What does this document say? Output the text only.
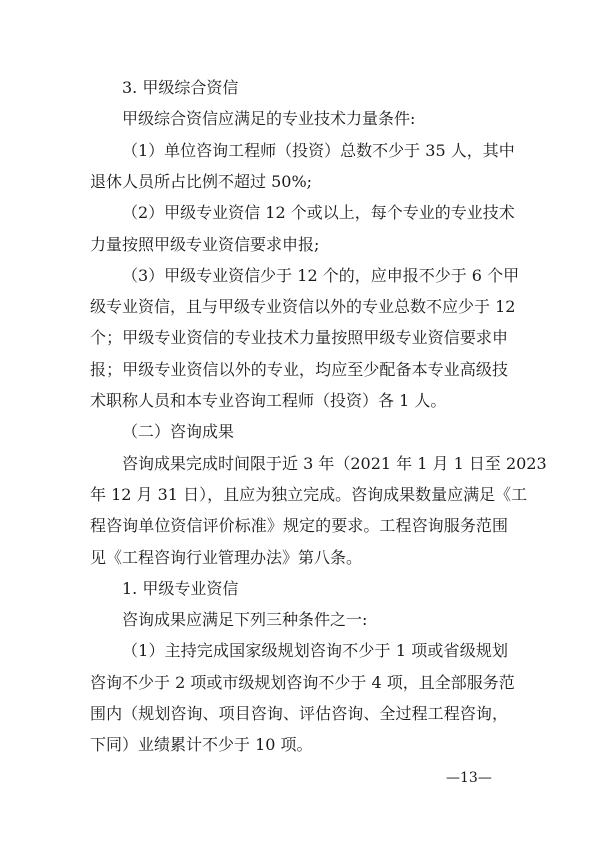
3. 甲级综合资信
甲级综合资信应满足的专业技术力量条件:
（1）单位咨询工程师（投资）总数不少于 35 人，其中
退休人员所占比例不超过 50%;
（2）甲级专业资信 12 个或以上，每个专业的专业技术
力量按照甲级专业资信要求申报;
（3）甲级专业资信少于 12 个的，应申报不少于 6 个甲
级专业资信，且与甲级专业资信以外的专业总数不应少于 12
个；甲级专业资信的专业技术力量按照甲级专业资信要求申
报；甲级专业资信以外的专业，均应至少配备本专业高级技
术职称人员和本专业咨询工程师（投资）各 1 人。
（二）咨询成果
咨询成果完成时间限于近 3 年（2021 年 1 月 1 日至 2023
年 12 月 31 日），且应为独立完成。咨询成果数量应满足《工
程咨询单位资信评价标准》规定的要求。工程咨询服务范围
见《工程咨询行业管理办法》第八条。
1. 甲级专业资信
咨询成果应满足下列三种条件之一:
（1）主持完成国家级规划咨询不少于 1 项或省级规划
咨询不少于 2 项或市级规划咨询不少于 4 项，且全部服务范
围内（规划咨询、项目咨询、评估咨询、全过程工程咨询，
—13—
下同）业绩累计不少于 10 项。
